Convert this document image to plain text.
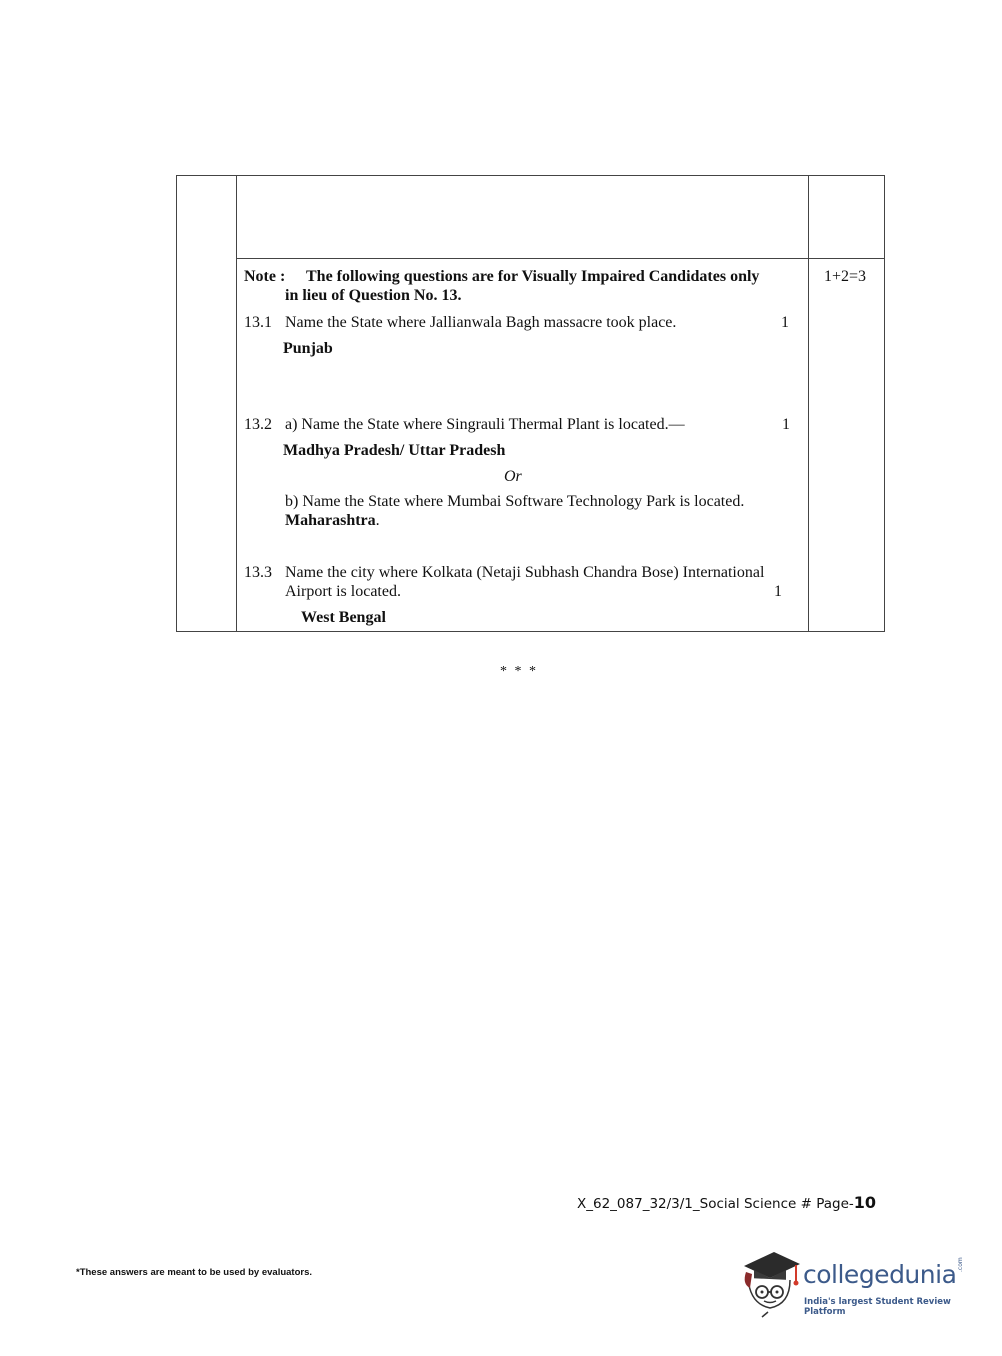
Note : The following questions are for Visually Impaired Candidates only
in lieu of Question No. 13.
1+2=3
13.1 Name the State where Jallianwala Bagh massacre took place.	1
Punjab
13.2 a) Name the State where Singrauli Thermal Plant is located.—	1
Madhya Pradesh/ Uttar Pradesh
Or
b) Name the State where Mumbai Software Technology Park is located.
Maharashtra.
13.3 Name the city where Kolkata (Netaji Subhash Chandra Bose) International
Airport is located.	1
West Bengal
* * *
X_62_087_32/3/1_Social Science # Page-10
*These answers are meant to be used by evaluators.	collegedunia .com
India's largest Student Review Platform
